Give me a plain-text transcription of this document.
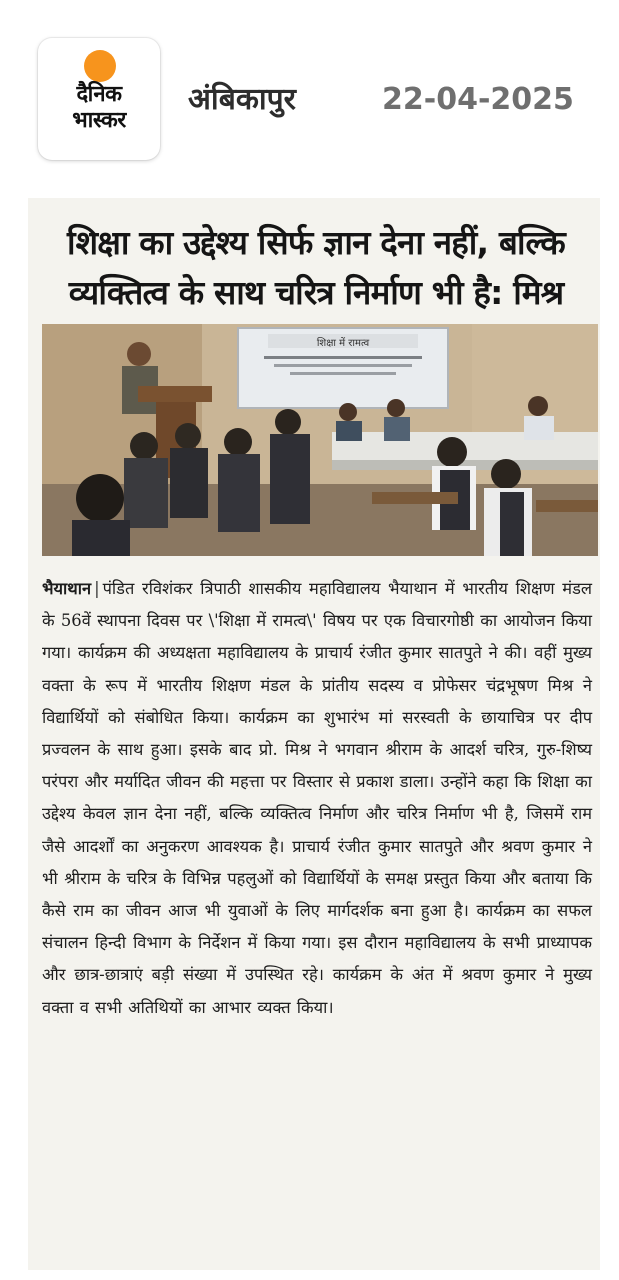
दैनिक
भास्कर
अंबिकापुर	22-04-2025
शिक्षा का उद्देश्य सिर्फ ज्ञान देना नहीं, बल्कि व्यक्तित्व के साथ चरित्र निर्माण भी है: मिश्र
शिक्षा में रामत्व
भैयाथान | पंडित रविशंकर त्रिपाठी शासकीय महाविद्यालय भैयाथान में भारतीय शिक्षण मंडल के 56वें स्थापना दिवस पर \'शिक्षा में रामत्व\' विषय पर एक विचारगोष्ठी का आयोजन किया गया। कार्यक्रम की अध्यक्षता महाविद्यालय के प्राचार्य रंजीत कुमार सातपुते ने की। वहीं मुख्य वक्ता के रूप में भारतीय शिक्षण मंडल के प्रांतीय सदस्य व प्रोफेसर चंद्रभूषण मिश्र ने विद्यार्थियों को संबोधित किया। कार्यक्रम का शुभारंभ मां सरस्वती के छायाचित्र पर दीप प्रज्वलन के साथ हुआ। इसके बाद प्रो. मिश्र ने भगवान श्रीराम के आदर्श चरित्र, गुरु-शिष्य परंपरा और मर्यादित जीवन की महत्ता पर विस्तार से प्रकाश डाला। उन्होंने कहा कि शिक्षा का उद्देश्य केवल ज्ञान देना नहीं, बल्कि व्यक्तित्व निर्माण और चरित्र निर्माण भी है, जिसमें राम जैसे आदर्शों का अनुकरण आवश्यक है। प्राचार्य रंजीत कुमार सातपुते और श्रवण कुमार ने भी श्रीराम के चरित्र के विभिन्न पहलुओं को विद्यार्थियों के समक्ष प्रस्तुत किया और बताया कि कैसे राम का जीवन आज भी युवाओं के लिए मार्गदर्शक बना हुआ है। कार्यक्रम का सफल संचालन हिन्दी विभाग के निर्देशन में किया गया। इस दौरान महाविद्यालय के सभी प्राध्यापक और छात्र-छात्राएं बड़ी संख्या में उपस्थित रहे। कार्यक्रम के अंत में श्रवण कुमार ने मुख्य वक्ता व सभी अतिथियों का आभार व्यक्त किया।
